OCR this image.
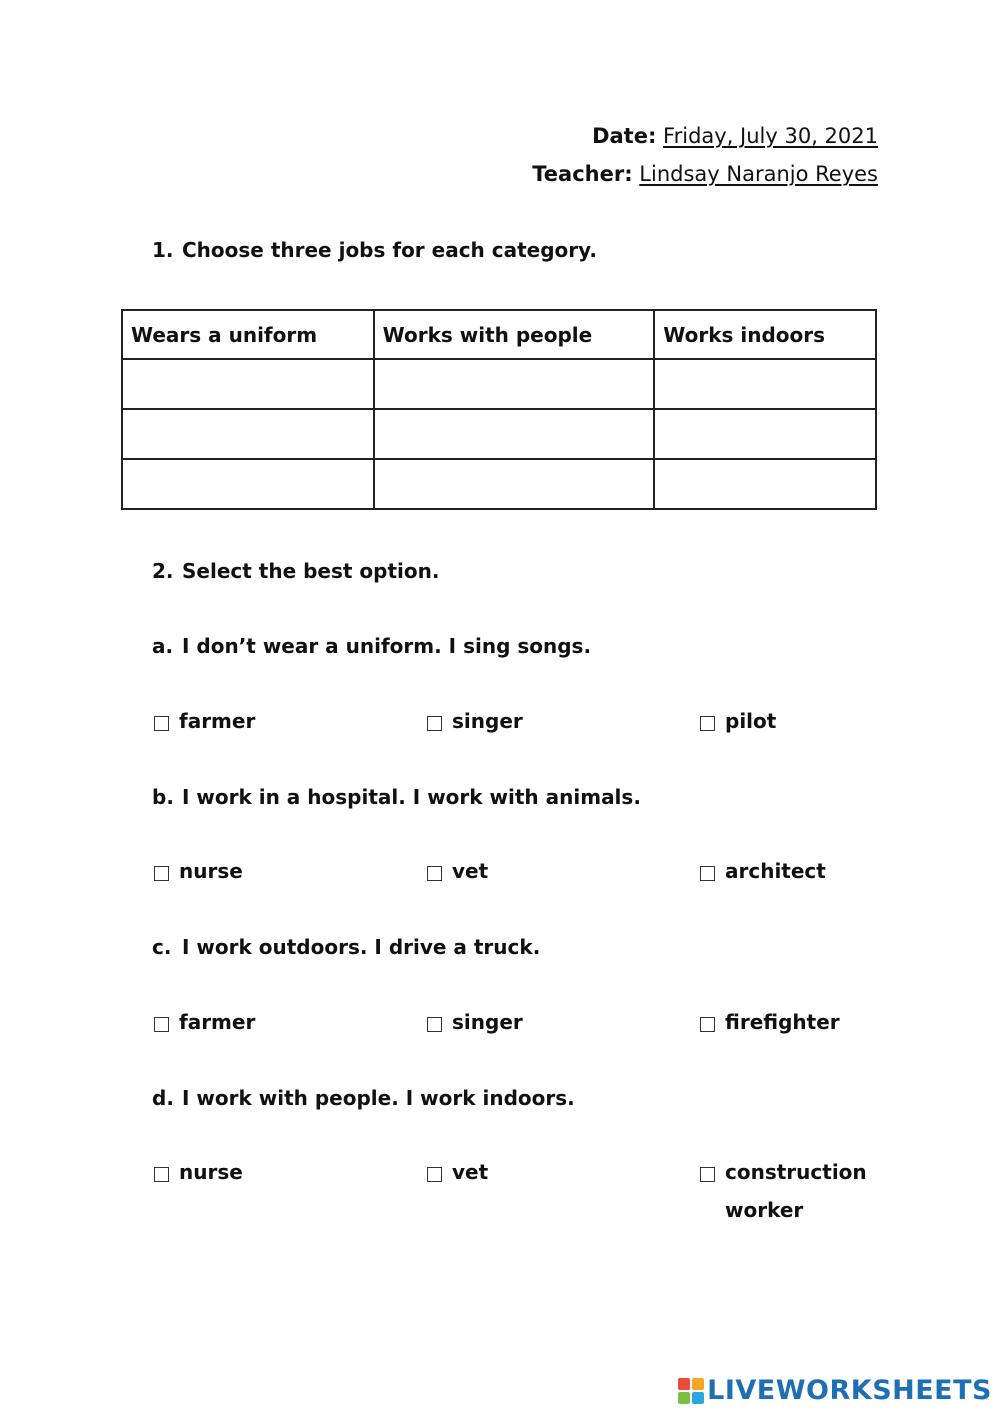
Date: Friday, July 30, 2021
Teacher: Lindsay Naranjo Reyes
1. Choose three jobs for each category.
Wears a uniform	Works with people	Works indoors

2. Select the best option.
a. I don’t wear a uniform. I sing songs.
farmer	singer	pilot
b. I work in a hospital. I work with animals.
nurse	vet	architect
c. I work outdoors. I drive a truck.
farmer	singer	firefighter
d. I work with people. I work indoors.
nurse	vet	construction
worker
LIVEWORKSHEETS
